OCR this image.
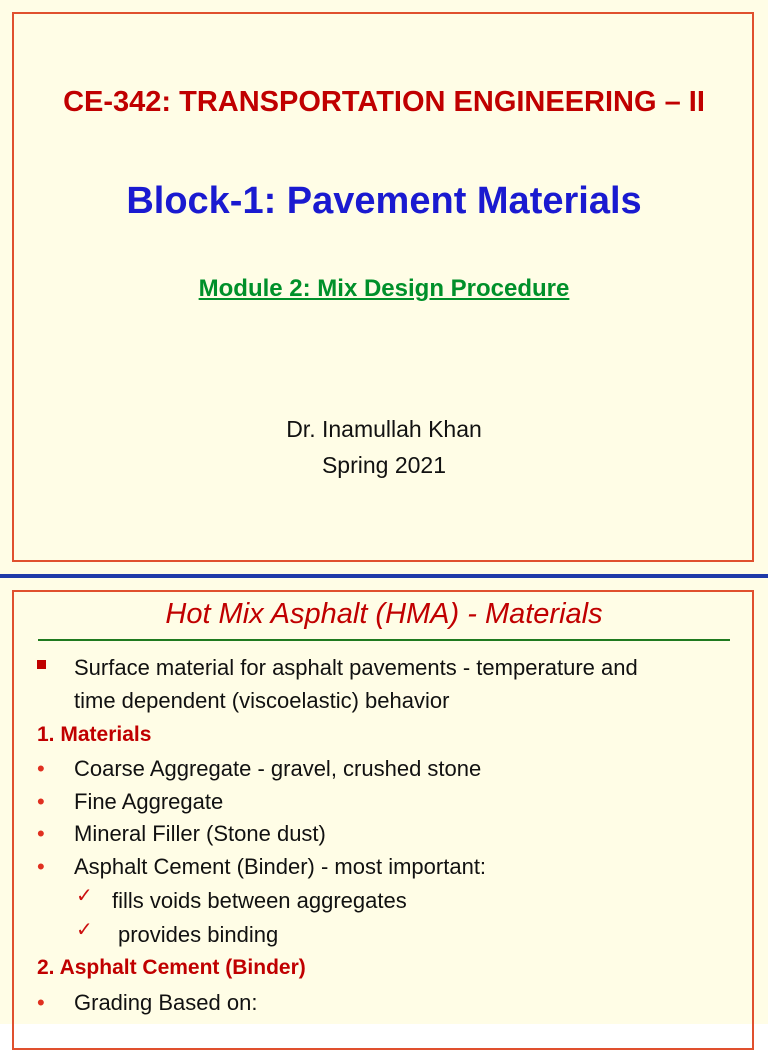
CE-342: TRANSPORTATION ENGINEERING – II
Block-1: Pavement Materials
Module 2: Mix Design Procedure
Dr. Inamullah Khan
Spring 2021
Hot Mix Asphalt (HMA) - Materials
Surface material for asphalt pavements - temperature and
time dependent (viscoelastic) behavior
1. Materials
• Coarse Aggregate - gravel, crushed stone
• Fine Aggregate
• Mineral Filler (Stone dust)
• Asphalt Cement (Binder) - most important:
✓ fills voids between aggregates
✓ provides binding
2. Asphalt Cement (Binder)
• Grading Based on:
